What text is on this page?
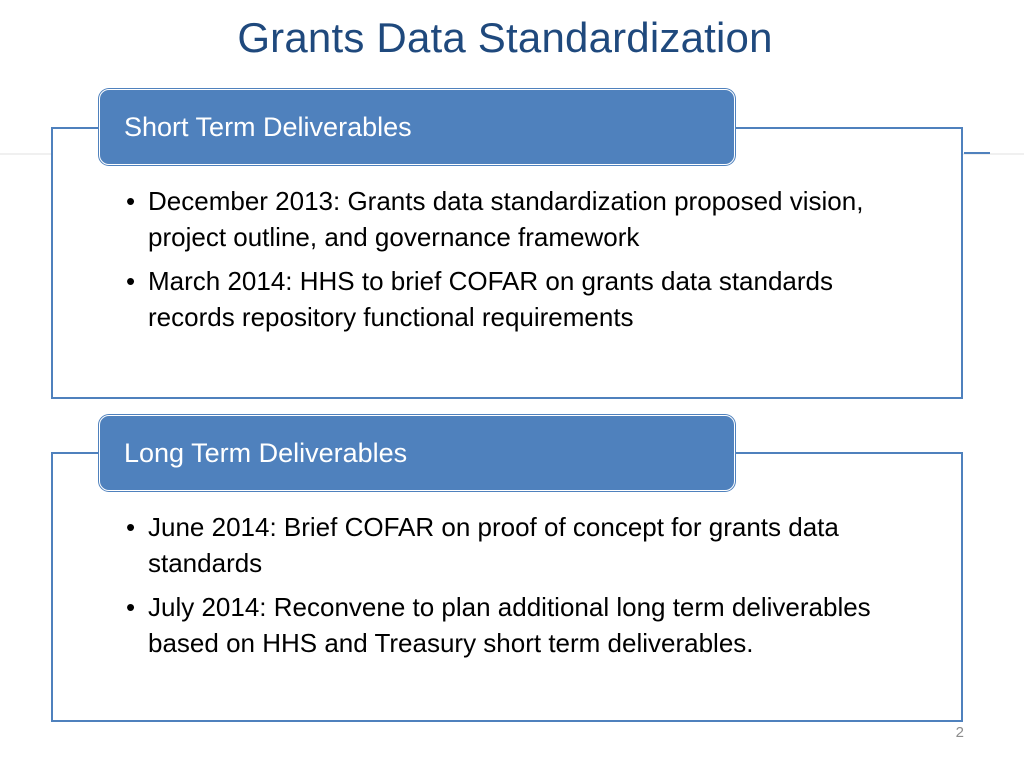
Grants Data Standardization
Short Term Deliverables
• December 2013: Grants data standardization proposed vision, project outline, and governance framework
• March 2014: HHS to brief COFAR on grants data standards records repository functional requirements
Long Term Deliverables
• June 2014: Brief COFAR on proof of concept for grants data standards
• July 2014: Reconvene to plan additional long term deliverables based on HHS and Treasury short term deliverables.
2
